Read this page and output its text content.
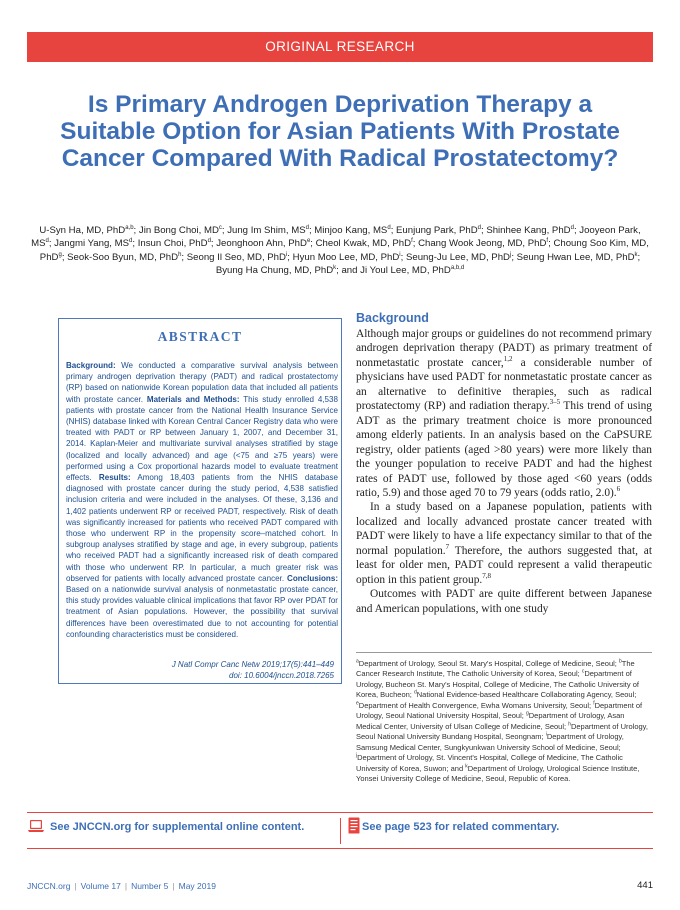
ORIGINAL RESEARCH
Is Primary Androgen Deprivation Therapy a Suitable Option for Asian Patients With Prostate Cancer Compared With Radical Prostatectomy?
U-Syn Ha, MD, PhD$^{a,b}$; Jin Bong Choi, $MD^c$; Jung Im Shim, $MS^d$; Minjoo Kang, $MS^d$; Eunjung Park, PhD$^d$; Shinhee Kang, PhD$^d$; Jooyeon Park, $MS^d$; Jangmi Yang, $MS^d$; Insun Choi, PhD$^d$; Jeonghoon Ahn, PhD$^e$; Cheol Kwak, MD, PhD$^f$; Chang Wook Jeong, MD, PhD$^f$; Choung Soo Kim, MD, PhD$^g$; Seok-Soo Byun, MD, PhD$^h$; Seong Il Seo, MD, PhD$^i$; Hyun Moo Lee, MD, PhD$^i$; Seung-Ju Lee, MD, PhD$^j$; Seung Hwan Lee, MD, PhD$^k$; Byung Ha Chung, MD, PhD$^k$; and Ji Youl Lee, MD, PhD$^{a,b,d}$
ABSTRACT
Background: We conducted a comparative survival analysis between primary androgen deprivation therapy (PADT) and radical prostatectomy (RP) based on nationwide Korean population data that included all patients with prostate cancer. Materials and Methods: This study enrolled 4,538 patients with prostate cancer from the National Health Insurance Service (NHIS) database linked with Korean Central Cancer Registry data who were treated with PADT or RP between January 1, 2007, and December 31, 2014. Kaplan-Meier and multivariate survival analyses stratified by stage (localized and locally advanced) and age (<75 and ≥75 years) were performed using a Cox proportional hazards model to evaluate treatment effects. Results: Among 18,403 patients from the NHIS database diagnosed with prostate cancer during the study period, 4,538 satisfied inclusion criteria and were included in the analyses. Of these, 3,136 and 1,402 patients underwent RP or received PADT, respectively. Risk of death was significantly increased for patients who received PADT compared with those who underwent RP in the propensity score–matched cohort. In subgroup analyses stratified by stage and age, in every subgroup, patients who received PADT had a significantly increased risk of death compared with those who underwent RP. In particular, a much greater risk was observed for patients with locally advanced prostate cancer. Conclusions: Based on a nationwide survival analysis of nonmetastatic prostate cancer, this study provides valuable clinical implications that favor RP over PDAT for treatment of Asian populations. However, the possibility that survival differences have been overestimated due to not accounting for potential confounding characteristics must be considered.
J Natl Compr Canc Netw 2019;17(5):441–449
doi: 10.6004/jnccn.2018.7265
Background

Although major groups or guidelines do not recommend primary androgen deprivation therapy (PADT) as primary treatment of nonmetastatic prostate cancer,$^{1,2}$ a considerable number of physicians have used PADT for nonmetastatic prostate cancer as an alternative to definitive therapies, such as radical prostatectomy (RP) and radiation therapy.$^{3-5}$ This trend of using ADT as the primary treatment choice is more pronounced among elderly patients. In an analysis based on the CaPSURE registry, older patients (aged >80 years) were more likely than the younger population to receive PADT and had the highest rates of PADT use, followed by those aged <60 years (odds ratio, 5.9) and those aged 70 to 79 years (odds ratio, 2.0).$^6$

In a study based on a Japanese population, patients with localized and locally advanced prostate cancer treated with PADT were likely to have a life expectancy similar to that of the normal population.$^7$ Therefore, the authors suggested that, at least for older men, PADT could represent a valid therapeutic option in this patient group.$^{7,8}$

Outcomes with PADT are quite different between Japanese and American populations, with one study

$^a$Department of Urology, Seoul St. Mary's Hospital, College of Medicine, Seoul; $^b$The Cancer Research Institute, The Catholic University of Korea, Seoul; $^c$Department of Urology, Bucheon St. Mary's Hospital, College of Medicine, The Catholic University of Korea, Bucheon; $^d$National Evidence-based Healthcare Collaborating Agency, Seoul; $^e$Department of Health Convergence, Ewha Womans University, Seoul; $^f$Department of Urology, Seoul National University Hospital, Seoul; $^g$Department of Urology, Asan Medical Center, University of Ulsan College of Medicine, Seoul; $^h$Department of Urology, Seoul National University Bundang Hospital, Seongnam; $^i$Department of Urology, Samsung Medical Center, Sungkyunkwan University School of Medicine, Seoul; $^j$Department of Urology, St. Vincent's Hospital, College of Medicine, The Catholic University of Korea, Suwon; and $^k$Department of Urology, Urological Science Institute, Yonsei University College of Medicine, Seoul, Republic of Korea.
See JNCCN.org for supplemental online content.	See page 523 for related commentary.
JNCCN.org | Volume 17 | Number 5 | May 2019	441
